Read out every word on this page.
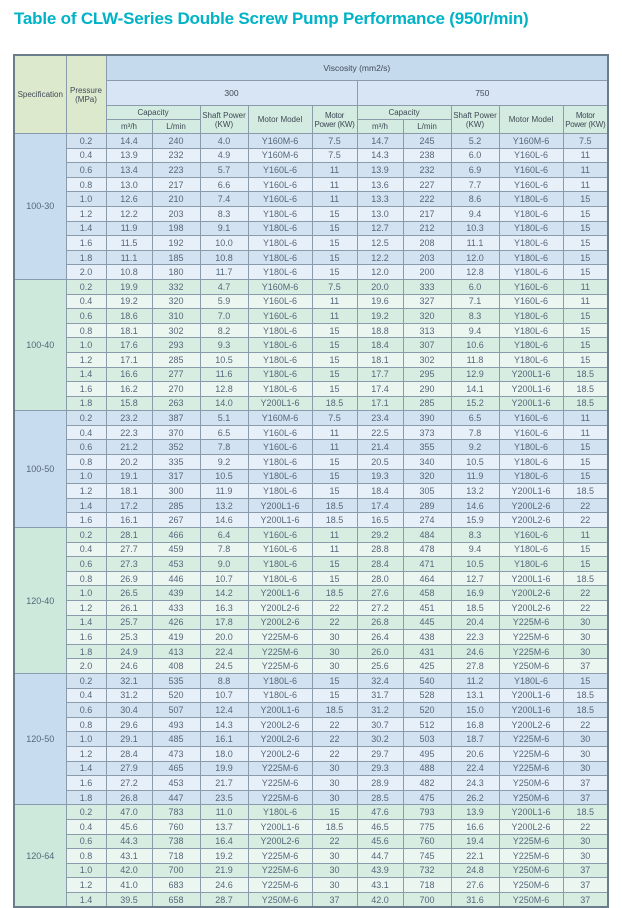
Table of CLW-Series Double Screw Pump Performance (950r/min)
Specification	Pressure (MPa)	Viscosity (mm2/s)									
		300					750				
		Capacity		Shaft Power (KW)	Motor Model	Motor Power (KW)	Capacity		Shaft Power (KW)	Motor Model	Motor Power (KW)
		m³/h	L/min				m³/h	L/min			
100-30	0.2	14.4	240	4.0	Y160M-6	7.5	14.7	245	5.2	Y160M-6	7.5
	0.4	13.9	232	4.9	Y160M-6	7.5	14.3	238	6.0	Y160L-6	11
	0.6	13.4	223	5.7	Y160L-6	11	13.9	232	6.9	Y160L-6	11
	0.8	13.0	217	6.6	Y160L-6	11	13.6	227	7.7	Y160L-6	11
	1.0	12.6	210	7.4	Y160L-6	11	13.3	222	8.6	Y180L-6	15
	1.2	12.2	203	8.3	Y180L-6	15	13.0	217	9.4	Y180L-6	15
	1.4	11.9	198	9.1	Y180L-6	15	12.7	212	10.3	Y180L-6	15
	1.6	11.5	192	10.0	Y180L-6	15	12.5	208	11.1	Y180L-6	15
	1.8	11.1	185	10.8	Y180L-6	15	12.2	203	12.0	Y180L-6	15
	2.0	10.8	180	11.7	Y180L-6	15	12.0	200	12.8	Y180L-6	15
100-40	0.2	19.9	332	4.7	Y160M-6	7.5	20.0	333	6.0	Y160L-6	11
	0.4	19.2	320	5.9	Y160L-6	11	19.6	327	7.1	Y160L-6	11
	0.6	18.6	310	7.0	Y160L-6	11	19.2	320	8.3	Y180L-6	15
	0.8	18.1	302	8.2	Y180L-6	15	18.8	313	9.4	Y180L-6	15
	1.0	17.6	293	9.3	Y180L-6	15	18.4	307	10.6	Y180L-6	15
	1.2	17.1	285	10.5	Y180L-6	15	18.1	302	11.8	Y180L-6	15
	1.4	16.6	277	11.6	Y180L-6	15	17.7	295	12.9	Y200L1-6	18.5
	1.6	16.2	270	12.8	Y180L-6	15	17.4	290	14.1	Y200L1-6	18.5
	1.8	15.8	263	14.0	Y200L1-6	18.5	17.1	285	15.2	Y200L1-6	18.5
100-50	0.2	23.2	387	5.1	Y160M-6	7.5	23.4	390	6.5	Y160L-6	11
	0.4	22.3	370	6.5	Y160L-6	11	22.5	373	7.8	Y160L-6	11
	0.6	21.2	352	7.8	Y160L-6	11	21.4	355	9.2	Y180L-6	15
	0.8	20.2	335	9.2	Y180L-6	15	20.5	340	10.5	Y180L-6	15
	1.0	19.1	317	10.5	Y180L-6	15	19.3	320	11.9	Y180L-6	15
	1.2	18.1	300	11.9	Y180L-6	15	18.4	305	13.2	Y200L1-6	18.5
	1.4	17.2	285	13.2	Y200L1-6	18.5	17.4	289	14.6	Y200L2-6	22
	1.6	16.1	267	14.6	Y200L1-6	18.5	16.5	274	15.9	Y200L2-6	22
120-40	0.2	28.1	466	6.4	Y160L-6	11	29.2	484	8.3	Y160L-6	11
	0.4	27.7	459	7.8	Y160L-6	11	28.8	478	9.4	Y180L-6	15
	0.6	27.3	453	9.0	Y180L-6	15	28.4	471	10.5	Y180L-6	15
	0.8	26.9	446	10.7	Y180L-6	15	28.0	464	12.7	Y200L1-6	18.5
	1.0	26.5	439	14.2	Y200L1-6	18.5	27.6	458	16.9	Y200L2-6	22
	1.2	26.1	433	16.3	Y200L2-6	22	27.2	451	18.5	Y200L2-6	22
	1.4	25.7	426	17.8	Y200L2-6	22	26.8	445	20.4	Y225M-6	30
	1.6	25.3	419	20.0	Y225M-6	30	26.4	438	22.3	Y225M-6	30
	1.8	24.9	413	22.4	Y225M-6	30	26.0	431	24.6	Y225M-6	30
	2.0	24.6	408	24.5	Y225M-6	30	25.6	425	27.8	Y250M-6	37
120-50	0.2	32.1	535	8.8	Y180L-6	15	32.4	540	11.2	Y180L-6	15
	0.4	31.2	520	10.7	Y180L-6	15	31.7	528	13.1	Y200L1-6	18.5
	0.6	30.4	507	12.4	Y200L1-6	18.5	31.2	520	15.0	Y200L1-6	18.5
	0.8	29.6	493	14.3	Y200L2-6	22	30.7	512	16.8	Y200L2-6	22
	1.0	29.1	485	16.1	Y200L2-6	22	30.2	503	18.7	Y225M-6	30
	1.2	28.4	473	18.0	Y200L2-6	22	29.7	495	20.6	Y225M-6	30
	1.4	27.9	465	19.9	Y225M-6	30	29.3	488	22.4	Y225M-6	30
	1.6	27.2	453	21.7	Y225M-6	30	28.9	482	24.3	Y250M-6	37
	1.8	26.8	447	23.5	Y225M-6	30	28.5	475	26.2	Y250M-6	37
120-64	0.2	47.0	783	11.0	Y180L-6	15	47.6	793	13.9	Y200L1-6	18.5
	0.4	45.6	760	13.7	Y200L1-6	18.5	46.5	775	16.6	Y200L2-6	22
	0.6	44.3	738	16.4	Y200L2-6	22	45.6	760	19.4	Y225M-6	30
	0.8	43.1	718	19.2	Y225M-6	30	44.7	745	22.1	Y225M-6	30
	1.0	42.0	700	21.9	Y225M-6	30	43.9	732	24.8	Y250M-6	37
	1.2	41.0	683	24.6	Y225M-6	30	43.1	718	27.6	Y250M-6	37
	1.4	39.5	658	28.7	Y250M-6	37	42.0	700	31.6	Y250M-6	37
